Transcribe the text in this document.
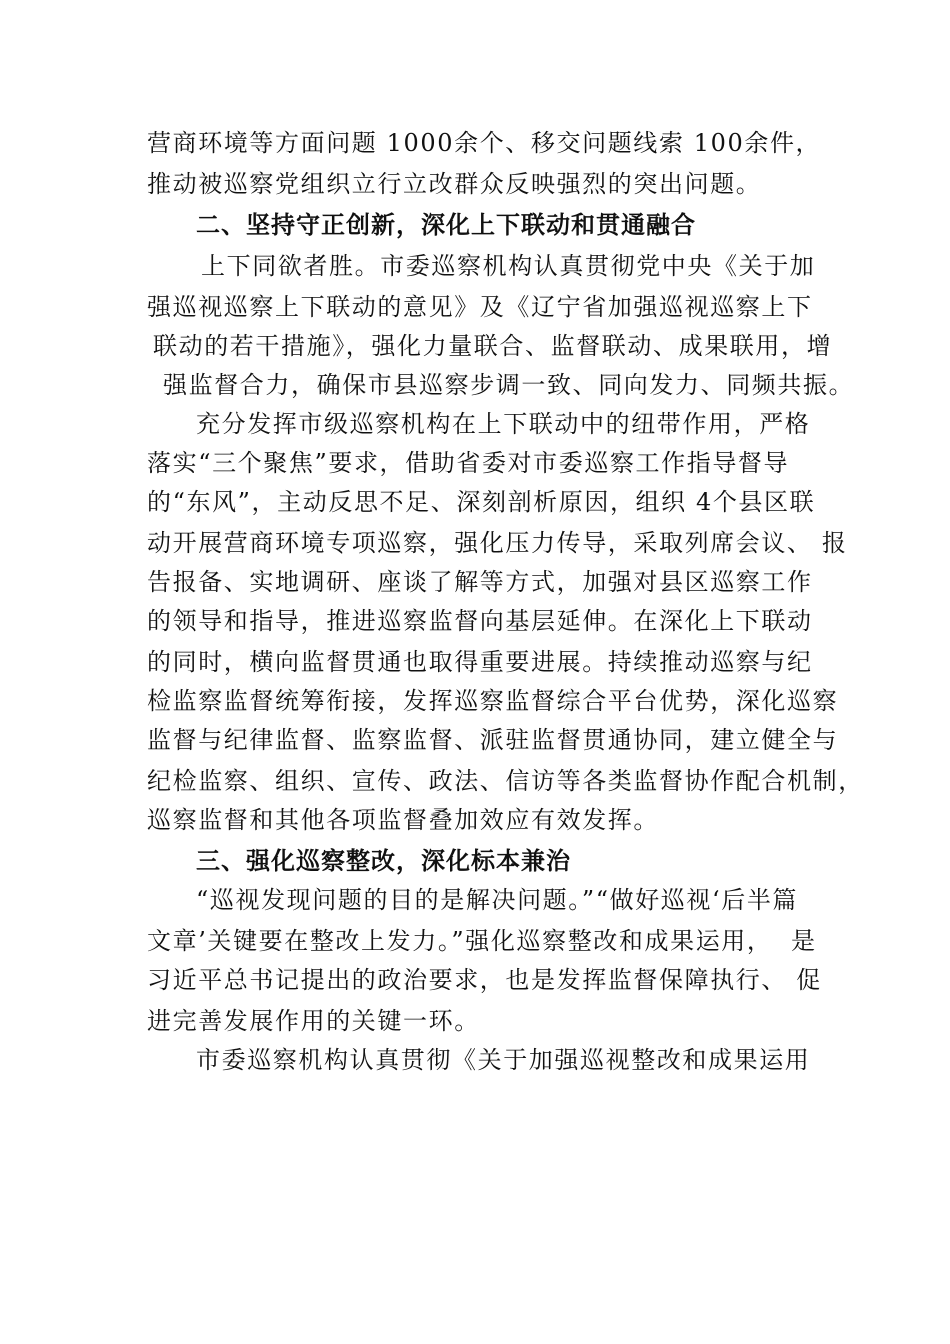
营商环境等方面问题 1000余个、移交问题线索 100余件，
推动被巡察党组织立行立改群众反映强烈的突出问题。
二、坚持守正创新，深化上下联动和贯通融合
上下同欲者胜。市委巡察机构认真贯彻党中央《关于加
强巡视巡察上下联动的意见》及《辽宁省加强巡视巡察上下
联动的若干措施》，强化力量联合、监督联动、成果联用，增
强监督合力，确保市县巡察步调一致、同向发力、同频共振。
充分发挥市级巡察机构在上下联动中的纽带作用，严格
落实“三个聚焦”要求，借助省委对市委巡察工作指导督导
的“东风”，主动反思不足、深刻剖析原因，组织 4个县区联
动开展营商环境专项巡察，强化压力传导，采取列席会议、 报
告报备、实地调研、座谈了解等方式，加强对县区巡察工作
的领导和指导，推进巡察监督向基层延伸。在深化上下联动
的同时，横向监督贯通也取得重要进展。持续推动巡察与纪
检监察监督统筹衔接，发挥巡察监督综合平台优势，深化巡察
监督与纪律监督、监察监督、派驻监督贯通协同，建立健全与
纪检监察、组织、宣传、政法、信访等各类监督协作配合机制，
巡察监督和其他各项监督叠加效应有效发挥。
三、强化巡察整改，深化标本兼治
“巡视发现问题的目的是解决问题。”“做好巡视‘后半篇
文章’关键要在整改上发力。”强化巡察整改和成果运用，  是
习近平总书记提出的政治要求，也是发挥监督保障执行、 促
进完善发展作用的关键一环。
市委巡察机构认真贯彻《关于加强巡视整改和成果运用
